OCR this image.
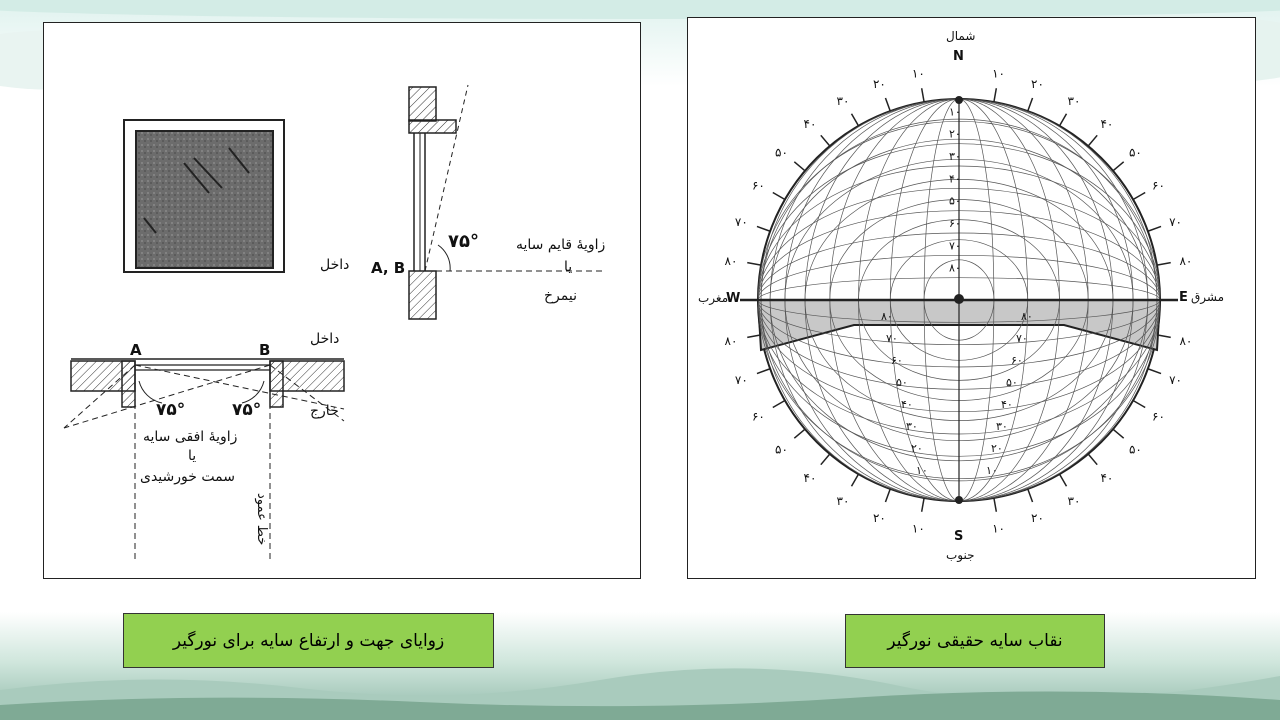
۷۵°
A, B
داخل
زاویهٔ قایم سایه
یا
نیمرخ
A	B
داخل
خارج
۷۵°	۷۵°
زاویهٔ افقی سایه
یا
سمت خورشیدی
خط عمود
۱۰	۱۰
۱۰	۱۰
۲۰	۲۰
۲۰	۲۰
۳۰	۳۰
۳۰	۳۰
۴۰	۴۰
۴۰	۴۰
۵۰	۵۰
۵۰	۵۰
۶۰	۶۰
۶۰	۶۰
۷۰	۷۰
۷۰	۷۰
۸۰	۸۰
۸۰	۸۰
۱۰
۲۰
۳۰
۴۰
۵۰
۶۰
۷۰
۸۰
۸۰	۸۰
۷۰	۷۰
۶۰	۶۰
۵۰	۵۰
۴۰	۴۰
۳۰	۳۰
۲۰	۲۰
۱۰	۱۰
شمال
N
S
جنوب
E مشرق
W
مغرب
زوایای جهت و ارتفاع سایه برای نورگیر	نقاب سایه حقیقی نورگیر
